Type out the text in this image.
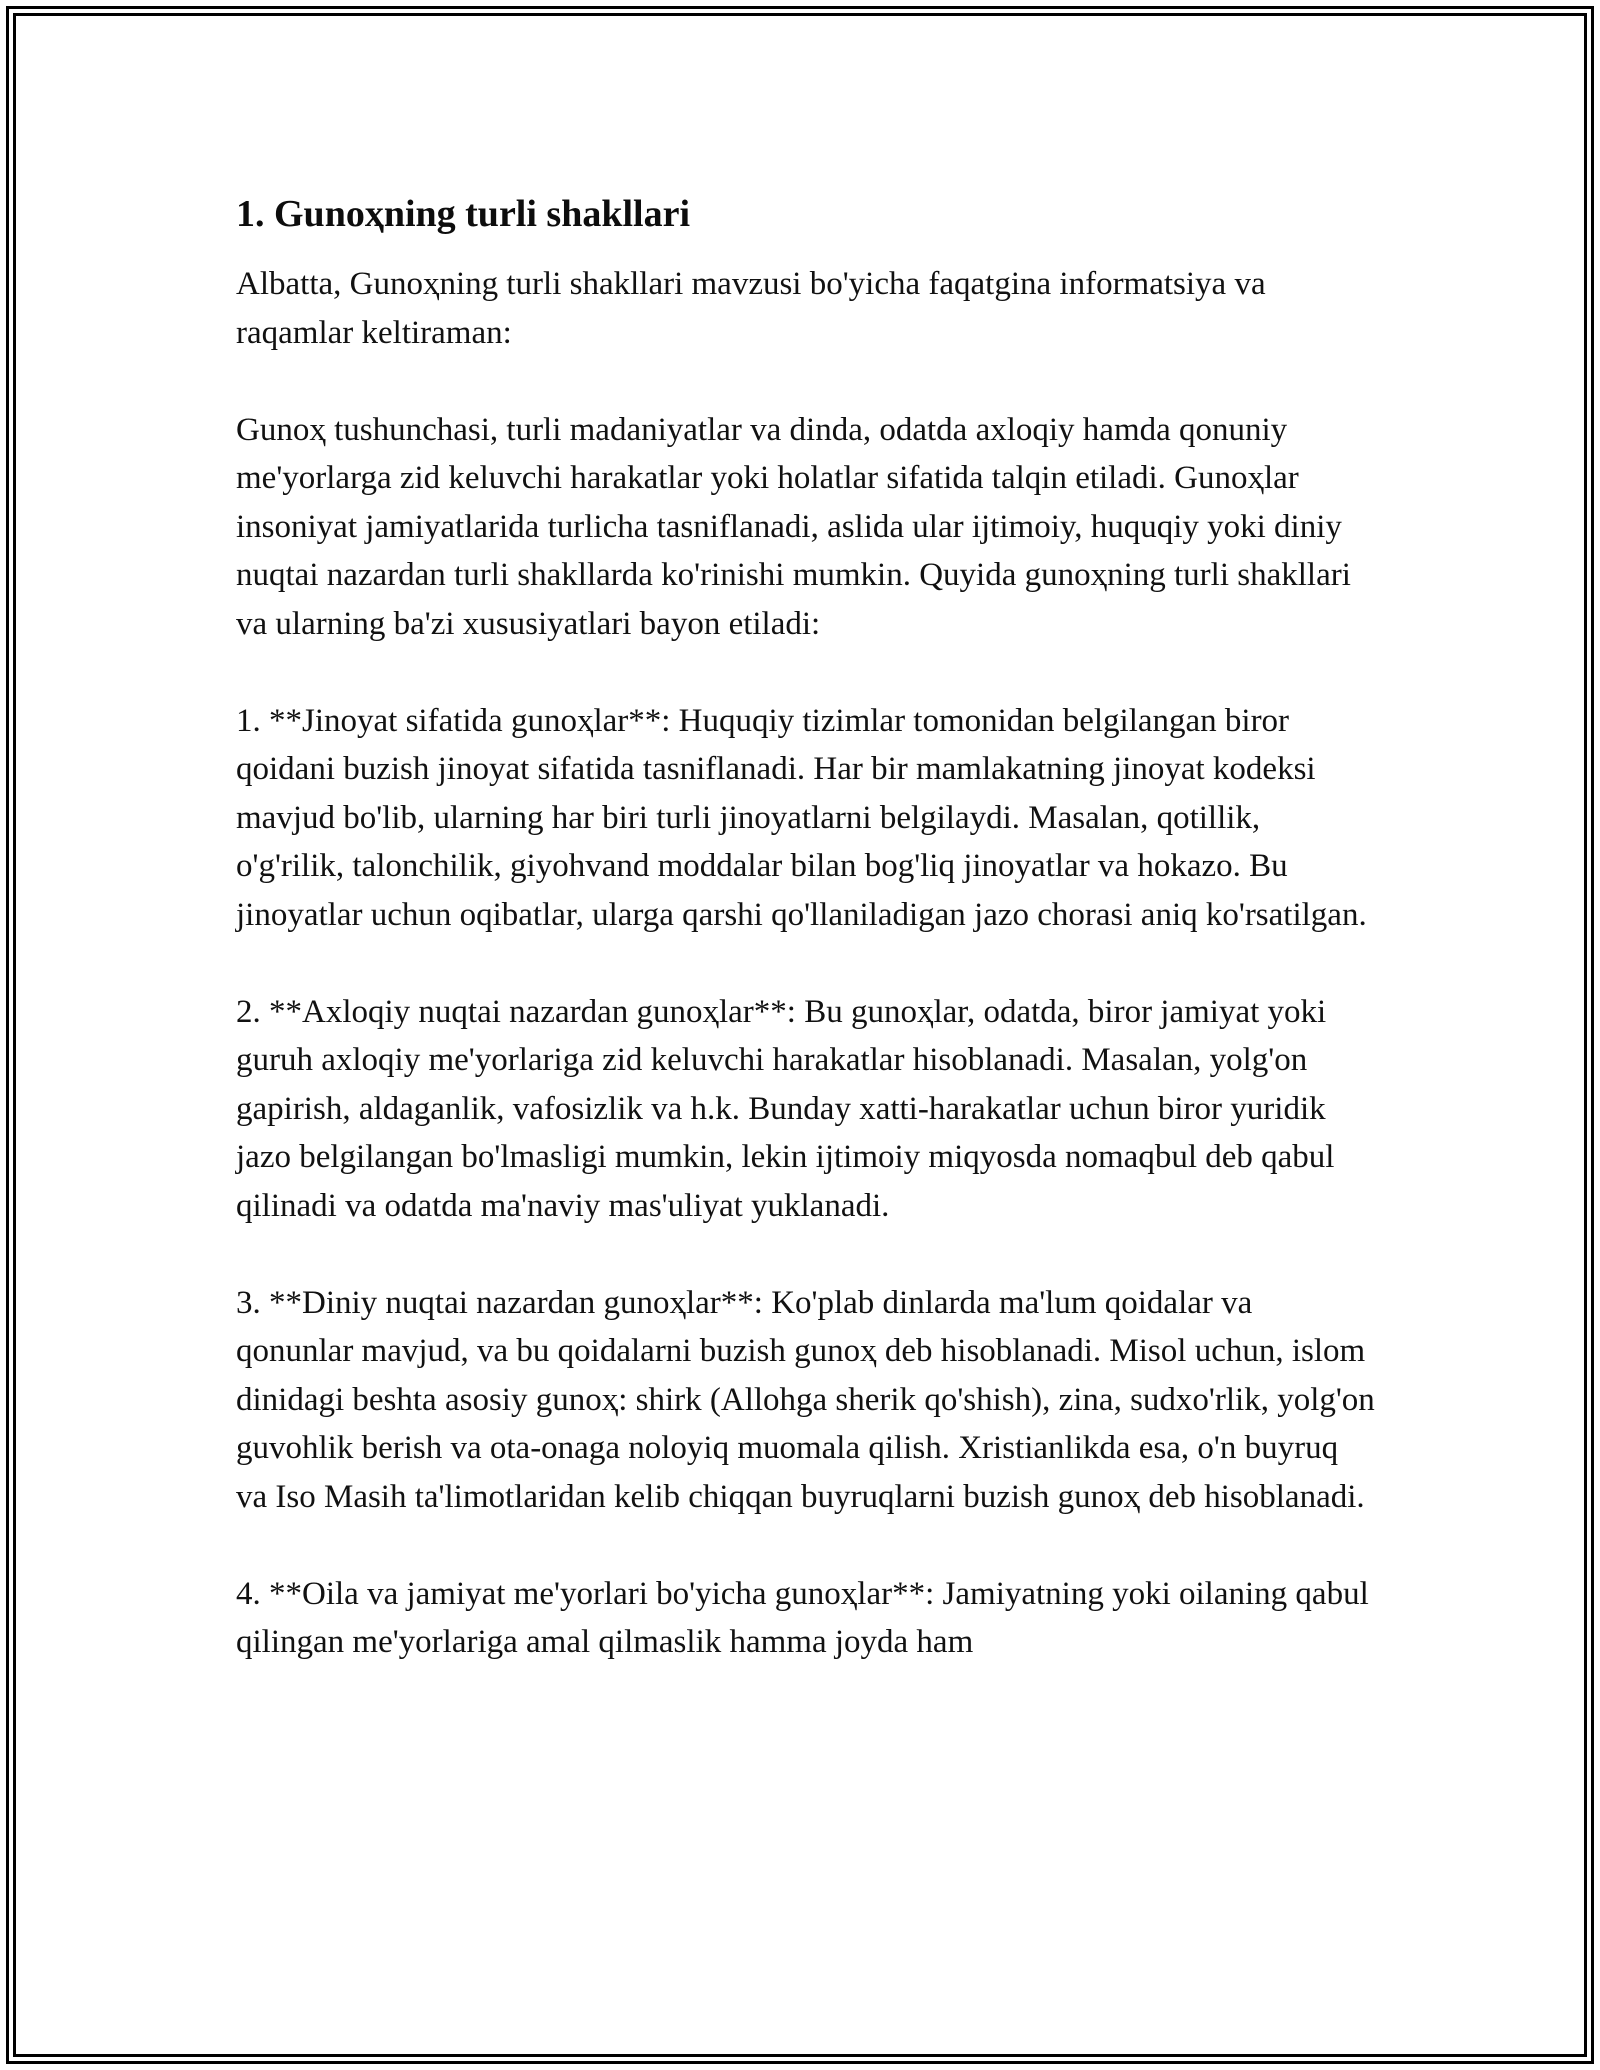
1. Gunoҳning turli shakllari

Albatta, Gunoҳning turli shakllari mavzusi bo'yicha faqatgina informatsiya va raqamlar keltiraman:

Gunoҳ tushunchasi, turli madaniyatlar va dinda, odatda axloqiy hamda qonuniy me'yorlarga zid keluvchi harakatlar yoki holatlar sifatida talqin etiladi. Gunoҳlar insoniyat jamiyatlarida turlicha tasniflanadi, aslida ular ijtimoiy, huquqiy yoki diniy nuqtai nazardan turli shakllarda ko'rinishi mumkin. Quyida gunoҳning turli shakllari va ularning ba'zi xususiyatlari bayon etiladi:

1. **Jinoyat sifatida gunoҳlar**: Huquqiy tizimlar tomonidan belgilangan biror qoidani buzish jinoyat sifatida tasniflanadi. Har bir mamlakatning jinoyat kodeksi mavjud bo'lib, ularning har biri turli jinoyatlarni belgilaydi. Masalan, qotillik, o'g'rilik, talonchilik, giyohvand moddalar bilan bog'liq jinoyatlar va hokazo. Bu jinoyatlar uchun oqibatlar, ularga qarshi qo'llaniladigan jazo chorasi aniq ko'rsatilgan.

2. **Axloqiy nuqtai nazardan gunoҳlar**: Bu gunoҳlar, odatda, biror jamiyat yoki guruh axloqiy me'yorlariga zid keluvchi harakatlar hisoblanadi. Masalan, yolg'on gapirish, aldaganlik, vafosizlik va h.k. Bunday xatti-harakatlar uchun biror yuridik jazo belgilangan bo'lmasligi mumkin, lekin ijtimoiy miqyosda nomaqbul deb qabul qilinadi va odatda ma'naviy mas'uliyat yuklanadi.

3. **Diniy nuqtai nazardan gunoҳlar**: Ko'plab dinlarda ma'lum qoidalar va qonunlar mavjud, va bu qoidalarni buzish gunoҳ deb hisoblanadi. Misol uchun, islom dinidagi beshta asosiy gunoҳ: shirk (Allohga sherik qo'shish), zina, sudxo'rlik, yolg'on guvohlik berish va ota-onaga noloyiq muomala qilish. Xristianlikda esa, o'n buyruq va Iso Masih ta'limotlaridan kelib chiqqan buyruqlarni buzish gunoҳ deb hisoblanadi.

4. **Oila va jamiyat me'yorlari bo'yicha gunoҳlar**: Jamiyatning yoki oilaning qabul qilingan me'yorlariga amal qilmaslik hamma joyda ham
